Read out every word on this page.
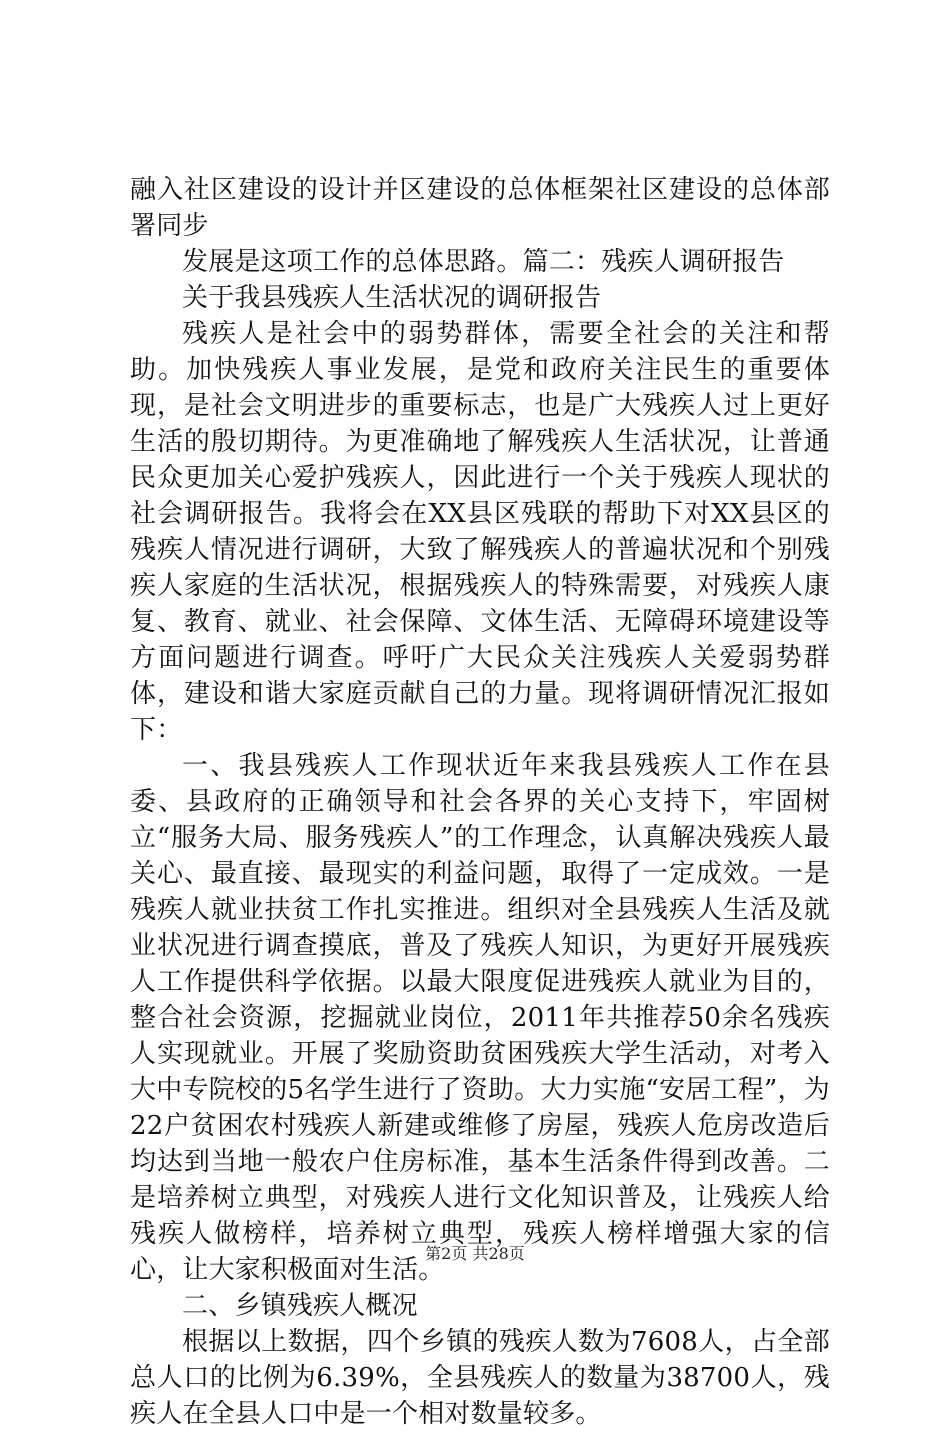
融入社区建设的设计并区建设的总体框架社区建设的总体部署同步

发展是这项工作的总体思路。篇二：残疾人调研报告

关于我县残疾人生活状况的调研报告

残疾人是社会中的弱势群体，需要全社会的关注和帮助。加快残疾人事业发展，是党和政府关注民生的重要体现，是社会文明进步的重要标志，也是广大残疾人过上更好生活的殷切期待。为更准确地了解残疾人生活状况，让普通民众更加关心爱护残疾人，因此进行一个关于残疾人现状的社会调研报告。我将会在XX县区残联的帮助下对XX县区的残疾人情况进行调研，大致了解残疾人的普遍状况和个别残疾人家庭的生活状况，根据残疾人的特殊需要，对残疾人康复、教育、就业、社会保障、文体生活、无障碍环境建设等方面问题进行调查。呼吁广大民众关注残疾人关爱弱势群体，建设和谐大家庭贡献自己的力量。现将调研情况汇报如下：

一、我县残疾人工作现状近年来我县残疾人工作在县委、县政府的正确领导和社会各界的关心支持下，牢固树立“服务大局、服务残疾人”的工作理念，认真解决残疾人最关心、最直接、最现实的利益问题，取得了一定成效。一是残疾人就业扶贫工作扎实推进。组织对全县残疾人生活及就业状况进行调查摸底，普及了残疾人知识，为更好开展残疾人工作提供科学依据。以最大限度促进残疾人就业为目的，整合社会资源，挖掘就业岗位，2011年共推荐50余名残疾人实现就业。开展了奖励资助贫困残疾大学生活动，对考入大中专院校的5名学生进行了资助。大力实施“安居工程”，为22户贫困农村残疾人新建或维修了房屋，残疾人危房改造后均达到当地一般农户住房标准，基本生活条件得到改善。二是培养树立典型，对残疾人进行文化知识普及，让残疾人给残疾人做榜样，培养树立典型，残疾人榜样增强大家的信心，让大家积极面对生活。

二、乡镇残疾人概况

根据以上数据，四个乡镇的残疾人数为7608人，占全部总人口的比例为6.39%，全县残疾人的数量为38700人，残疾人在全县人口中是一个相对数量较多。

第2页 共28页
